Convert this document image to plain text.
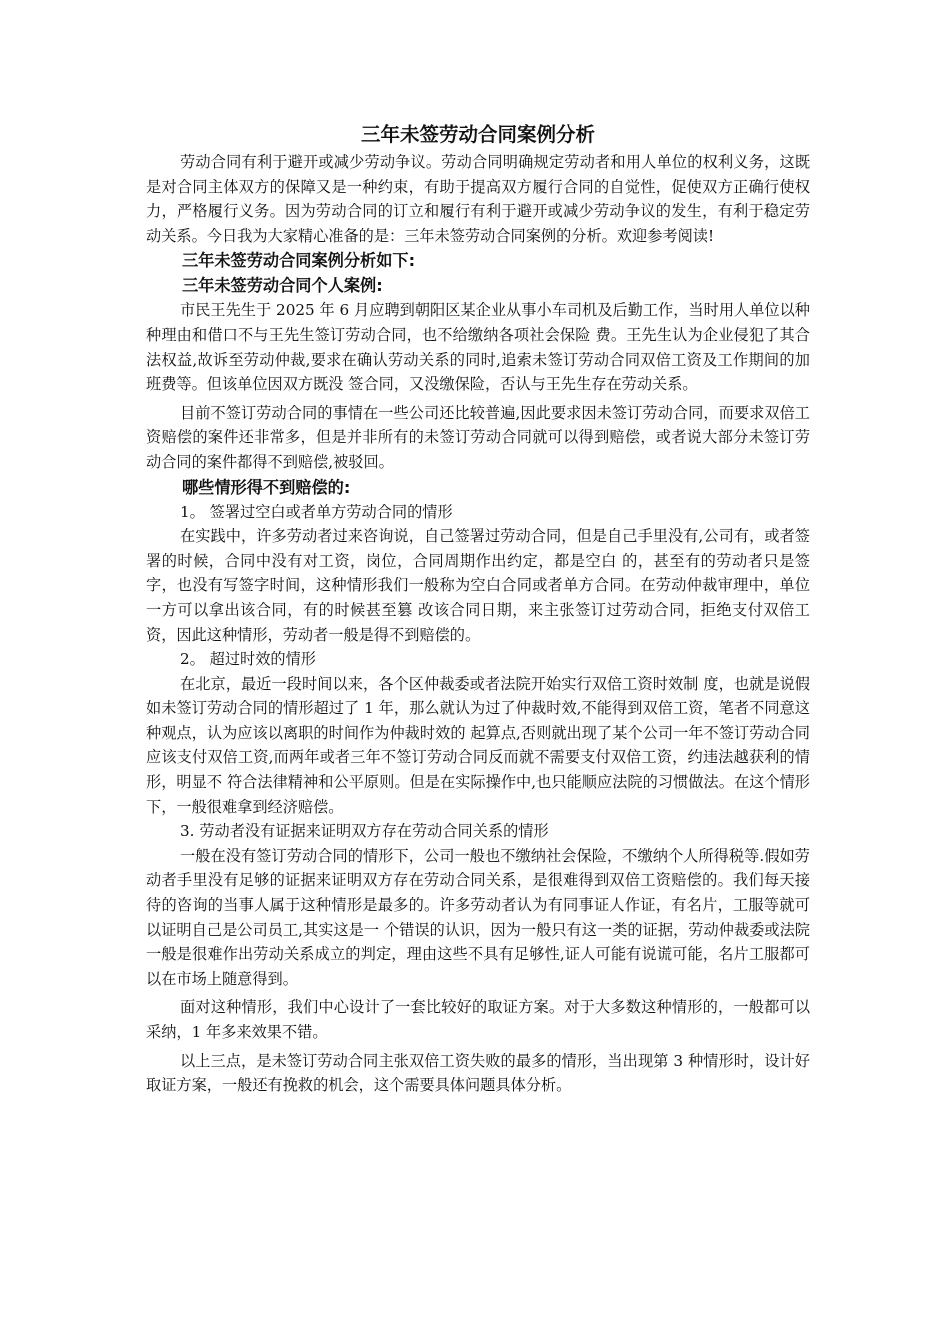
三年未签劳动合同案例分析

劳动合同有利于避开或减少劳动争议。劳动合同明确规定劳动者和用人单位的权利义务，这既是对合同主体双方的保障又是一种约束，有助于提高双方履行合同的自觉性，促使双方正确行使权力，严格履行义务。因为劳动合同的订立和履行有利于避开或减少劳动争议的发生，有利于稳定劳动关系。今日我为大家精心准备的是：三年未签劳动合同案例的分析。欢迎参考阅读!

三年未签劳动合同案例分析如下:
三年未签劳动合同个人案例:

市民王先生于 2025 年 6 月应聘到朝阳区某企业从事小车司机及后勤工作，当时用人单位以种种理由和借口不与王先生签订劳动合同，也不给缴纳各项社会保险 费。王先生认为企业侵犯了其合法权益,故诉至劳动仲裁,要求在确认劳动关系的同时,追索未签订劳动合同双倍工资及工作期间的加班费等。但该单位因双方既没 签合同，又没缴保险，否认与王先生存在劳动关系。

目前不签订劳动合同的事情在一些公司还比较普遍,因此要求因未签订劳动合同，而要求双倍工资赔偿的案件还非常多，但是并非所有的未签订劳动合同就可以得到赔偿，或者说大部分未签订劳动合同的案件都得不到赔偿,被驳回。

哪些情形得不到赔偿的:

1。 签署过空白或者单方劳动合同的情形

在实践中，许多劳动者过来咨询说，自己签署过劳动合同，但是自己手里没有,公司有，或者签署的时候，合同中没有对工资，岗位，合同周期作出约定，都是空白 的，甚至有的劳动者只是签字，也没有写签字时间，这种情形我们一般称为空白合同或者单方合同。在劳动仲裁审理中，单位一方可以拿出该合同，有的时候甚至篡 改该合同日期，来主张签订过劳动合同，拒绝支付双倍工资，因此这种情形，劳动者一般是得不到赔偿的。

2。 超过时效的情形

在北京，最近一段时间以来，各个区仲裁委或者法院开始实行双倍工资时效制 度，也就是说假如未签订劳动合同的情形超过了 1 年，那么就认为过了仲裁时效,不能得到双倍工资，笔者不同意这种观点，认为应该以离职的时间作为仲裁时效的 起算点,否则就出现了某个公司一年不签订劳动合同应该支付双倍工资,而两年或者三年不签订劳动合同反而就不需要支付双倍工资，约违法越获利的情形，明显不 符合法律精神和公平原则。但是在实际操作中,也只能顺应法院的习惯做法。在这个情形下，一般很难拿到经济赔偿。

3. 劳动者没有证据来证明双方存在劳动合同关系的情形

一般在没有签订劳动合同的情形下，公司一般也不缴纳社会保险，不缴纳个人所得税等.假如劳动者手里没有足够的证据来证明双方存在劳动合同关系，是很难得到双倍工资赔偿的。我们每天接待的咨询的当事人属于这种情形是最多的。许多劳动者认为有同事证人作证，有名片，工服等就可以证明自己是公司员工,其实这是一 个错误的认识，因为一般只有这一类的证据，劳动仲裁委或法院一般是很难作出劳动关系成立的判定，理由这些不具有足够性,证人可能有说谎可能，名片工服都可 以在市场上随意得到。

面对这种情形，我们中心设计了一套比较好的取证方案。对于大多数这种情形的，一般都可以采纳，1 年多来效果不错。

以上三点，是未签订劳动合同主张双倍工资失败的最多的情形，当出现第 3 种情形时，设计好取证方案，一般还有挽救的机会，这个需要具体问题具体分析。
